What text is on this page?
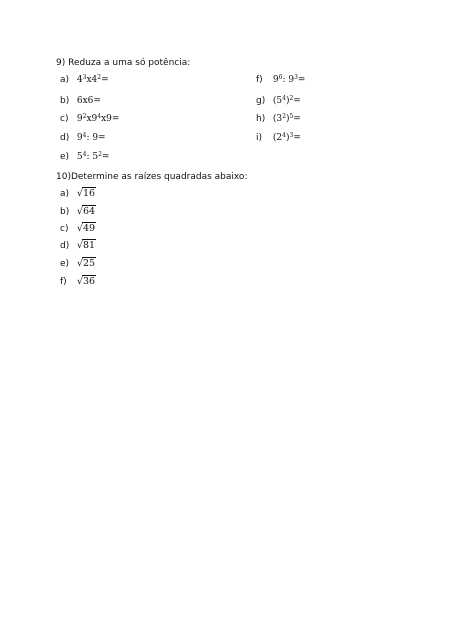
9) Reduza a uma só potência:
a) $4^3x4^2=$
b) 6x6=
c) $9^2x9^4x9=$
d) $9^4$: 9=
e) $5^4$: $5^2=$
f) $9^6$: $9^3=$
g) $(5^4)^2=$
h) $(3^2)^5=$
i) $(2^4)^3=$
10)Determine as raízes quadradas abaixo:
a) √16
b) √64
c) √49
d) √81
e) √25
f) √36
